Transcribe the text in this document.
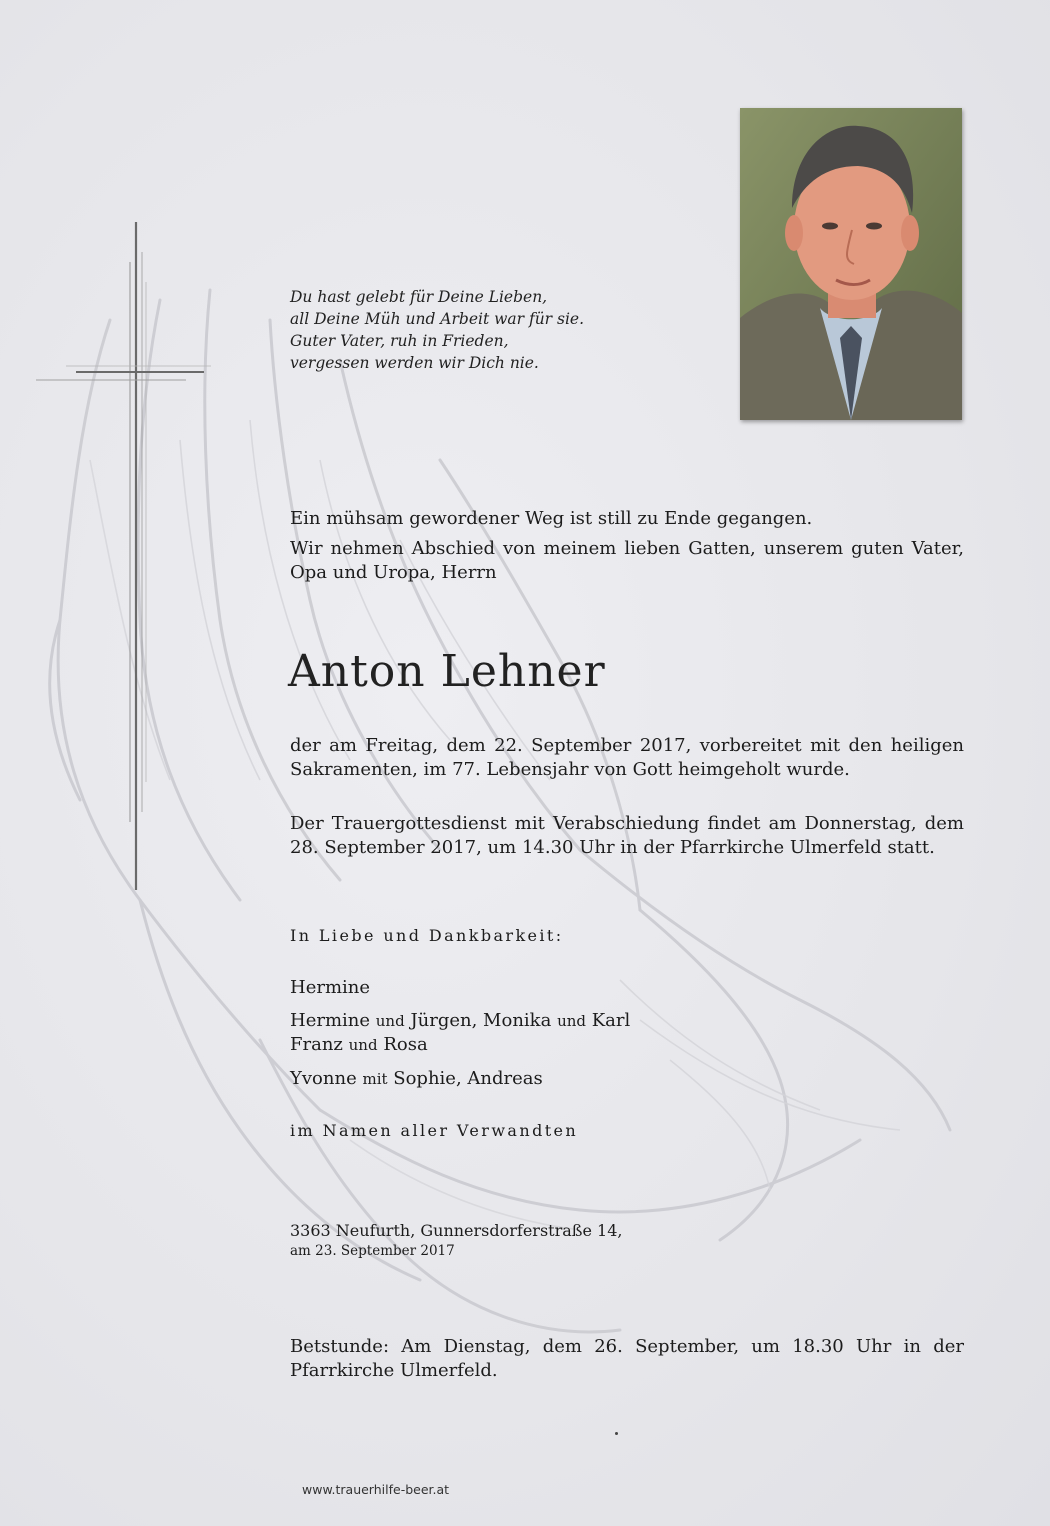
Du hast gelebt für Deine Lieben,
all Deine Müh und Arbeit war für sie.
Guter Vater, ruh in Frieden,
vergessen werden wir Dich nie.

Ein mühsam gewordener Weg ist still zu Ende gegangen.

Wir nehmen Abschied von meinem lieben Gatten, unserem guten Vater, Opa und Uropa, Herrn

Anton Lehner
der am Freitag, dem 22. September 2017, vorbereitet mit den heiligen Sakramenten, im 77. Lebensjahr von Gott heimgeholt wurde.
Der Trauergottesdienst mit Verabschiedung findet am Donnerstag, dem 28. September 2017, um 14.30 Uhr in der Pfarrkirche Ulmerfeld statt.
In Liebe und Dankbarkeit:
Hermine
Hermine und Jürgen, Monika und Karl
Franz und Rosa
Yvonne mit Sophie, Andreas
im Namen aller Verwandten
3363 Neufurth, Gunnersdorferstraße 14,
am 23. September 2017
Betstunde: Am Dienstag, dem 26. September, um 18.30 Uhr in der Pfarrkirche Ulmerfeld.
www.trauerhilfe-beer.at
